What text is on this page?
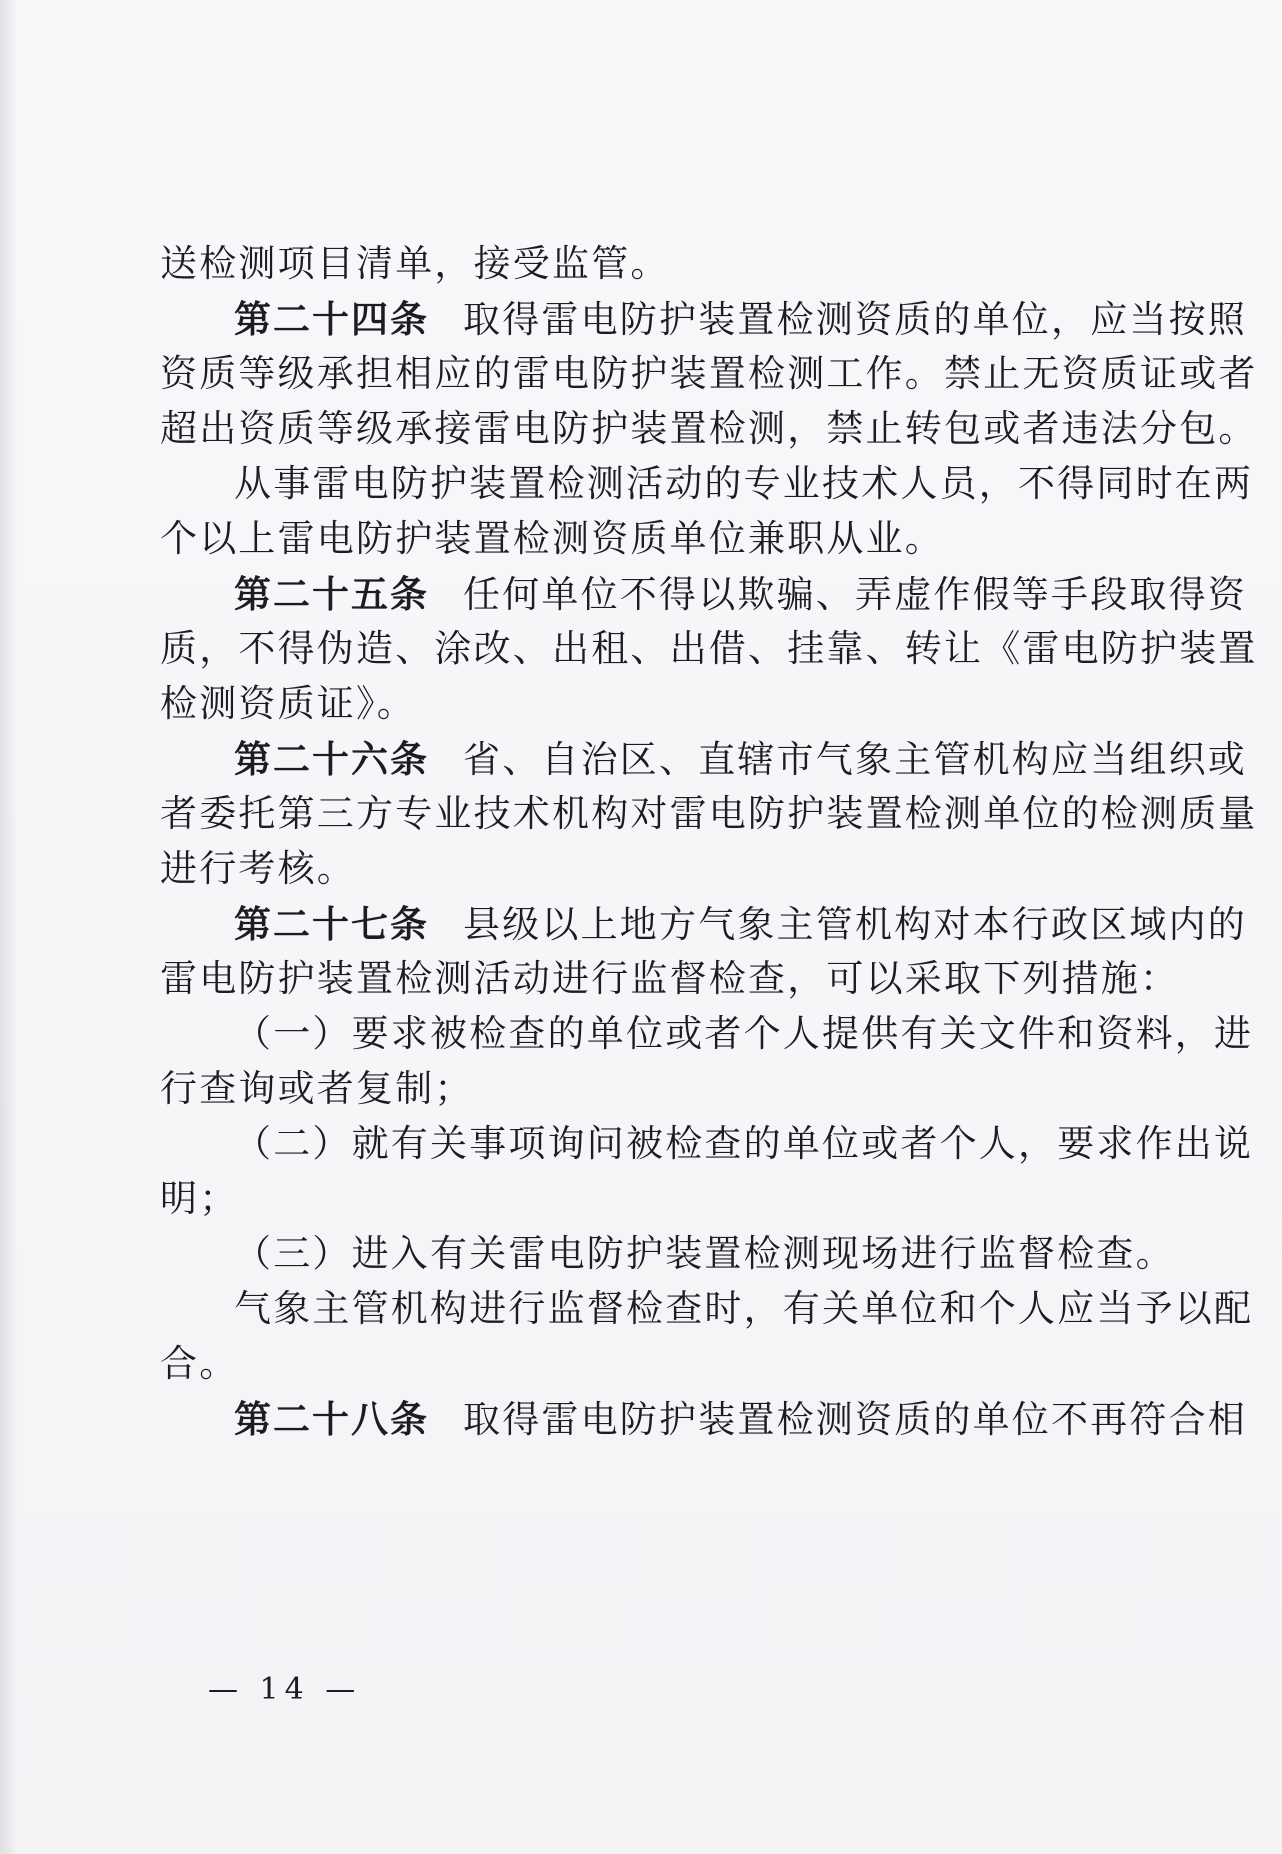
送检测项目清单，接受监管。
第二十四条 取得雷电防护装置检测资质的单位，应当按照
资质等级承担相应的雷电防护装置检测工作。禁止无资质证或者
超出资质等级承接雷电防护装置检测，禁止转包或者违法分包。
从事雷电防护装置检测活动的专业技术人员，不得同时在两
个以上雷电防护装置检测资质单位兼职从业。
第二十五条 任何单位不得以欺骗、弄虚作假等手段取得资
质，不得伪造、涂改、出租、出借、挂靠、转让《雷电防护装置
检测资质证》。
第二十六条 省、自治区、直辖市气象主管机构应当组织或
者委托第三方专业技术机构对雷电防护装置检测单位的检测质量
进行考核。
第二十七条 县级以上地方气象主管机构对本行政区域内的
雷电防护装置检测活动进行监督检查，可以采取下列措施：
（一）要求被检查的单位或者个人提供有关文件和资料，进
行查询或者复制；
（二）就有关事项询问被检查的单位或者个人，要求作出说
明；
（三）进入有关雷电防护装置检测现场进行监督检查。
气象主管机构进行监督检查时，有关单位和个人应当予以配
合。
第二十八条 取得雷电防护装置检测资质的单位不再符合相
— 14 —
